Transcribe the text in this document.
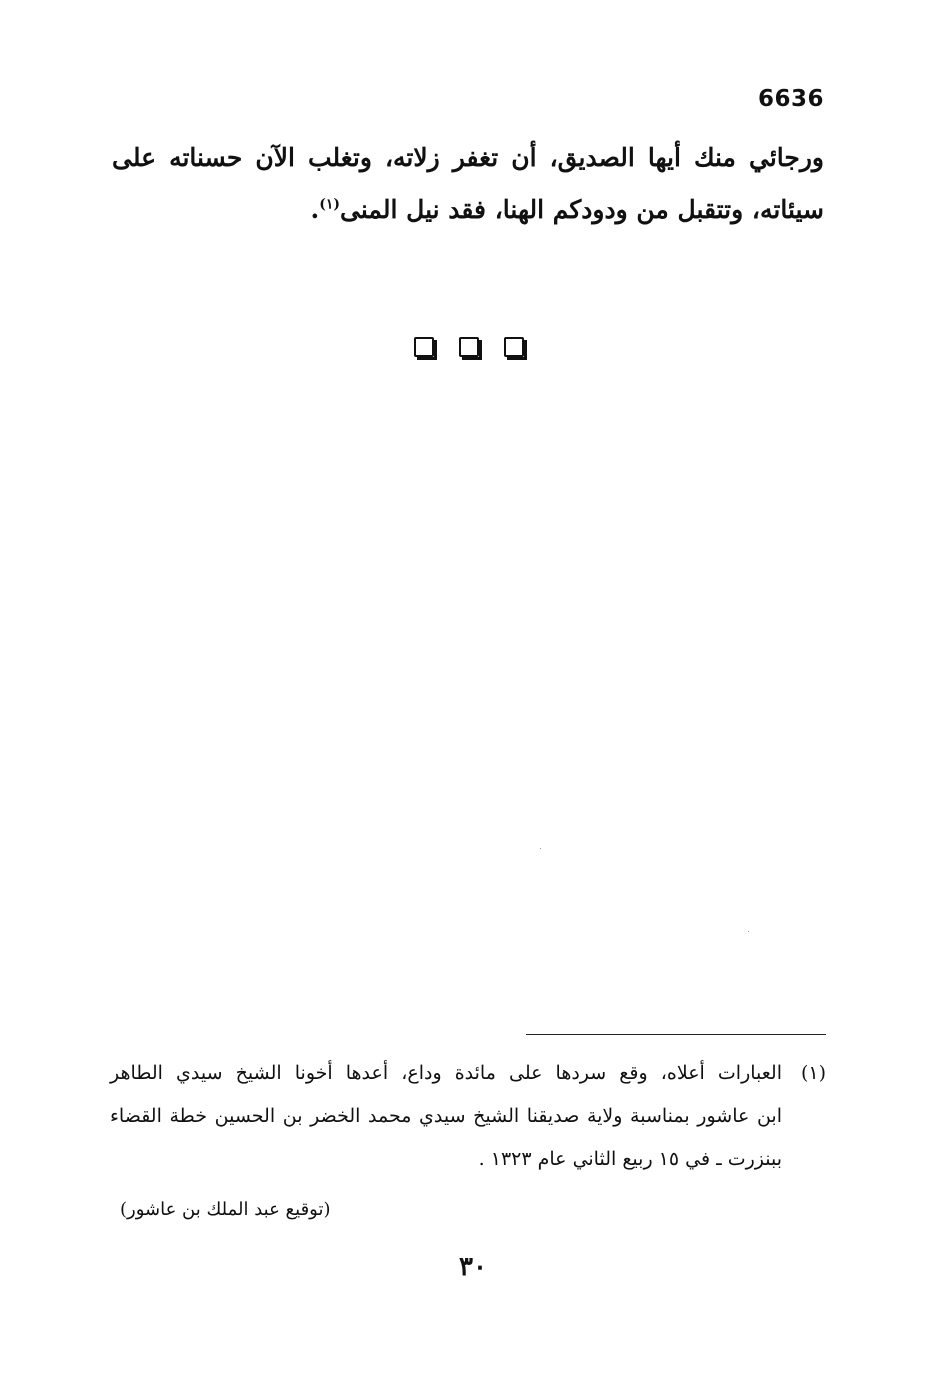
6636

ورجائي منك أيها الصديق، أن تغفر زلاته، وتغلب الآن حسناته على
سيئاته، وتتقبل من ودودكم الهنا، فقد نيل المنى$^{(١)}$.

(١)العبارات أعلاه، وقع سردها على مائدة وداع، أعدها أخونا الشيخ سيدي الطاهر
ابن عاشور بمناسبة ولاية صديقنا الشيخ سيدي محمد الخضر بن الحسين خطة القضاء
ببنزرت ـ في ١٥ ربيع الثاني عام ١٣٢٣ .

(توقيع عبد الملك بن عاشور)
٣٠
